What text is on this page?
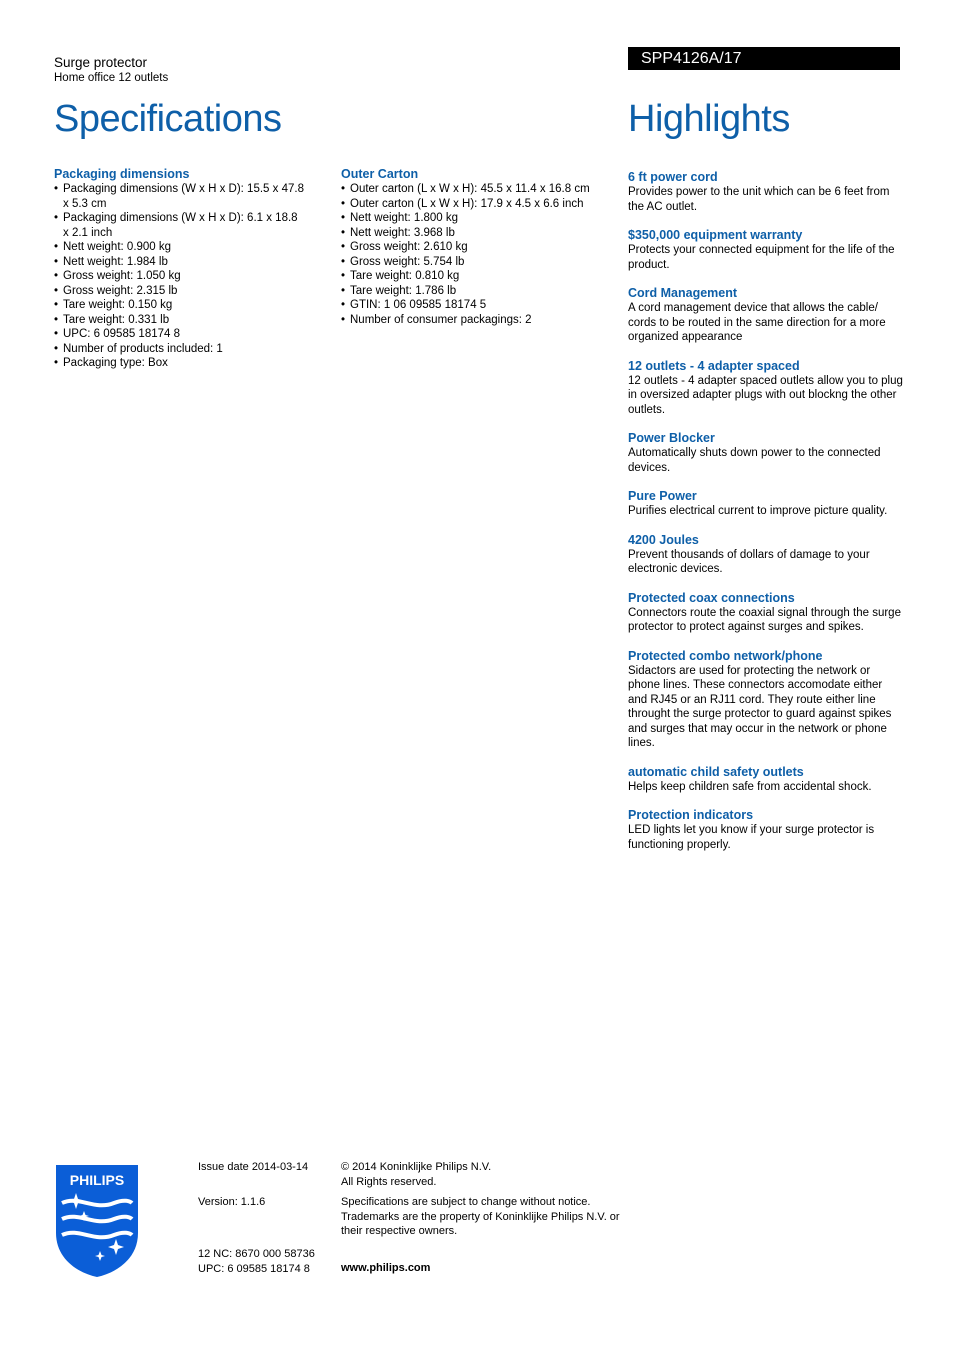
Surge protector
Home office 12 outlets
SPP4126A/17
Specifications	Highlights
Packaging dimensions
• Packaging dimensions (W x H x D): 15.5 x 47.8 x 5.3 cm
• Packaging dimensions (W x H x D): 6.1 x 18.8 x 2.1 inch
• Nett weight: 0.900 kg
• Nett weight: 1.984 lb
• Gross weight: 1.050 kg
• Gross weight: 2.315 lb
• Tare weight: 0.150 kg
• Tare weight: 0.331 lb
• UPC: 6 09585 18174 8
• Number of products included: 1
• Packaging type: Box
Outer Carton
• Outer carton (L x W x H): 45.5 x 11.4 x 16.8 cm
• Outer carton (L x W x H): 17.9 x 4.5 x 6.6 inch
• Nett weight: 1.800 kg
• Nett weight: 3.968 lb
• Gross weight: 2.610 kg
• Gross weight: 5.754 lb
• Tare weight: 0.810 kg
• Tare weight: 1.786 lb
• GTIN: 1 06 09585 18174 5
• Number of consumer packagings: 2
6 ft power cord
Provides power to the unit which can be 6 feet from the AC outlet.
$350,000 equipment warranty
Protects your connected equipment for the life of the product.
Cord Management
A cord management device that allows the cable/ cords to be routed in the same direction for a more organized appearance
12 outlets - 4 adapter spaced
12 outlets - 4 adapter spaced outlets allow you to plug in oversized adapter plugs with out blockng the other outlets.
Power Blocker
Automatically shuts down power to the connected devices.
Pure Power
Purifies electrical current to improve picture quality.
4200 Joules
Prevent thousands of dollars of damage to your electronic devices.
Protected coax connections
Connectors route the coaxial signal through the surge protector to protect against surges and spikes.
Protected combo network/phone
Sidactors are used for protecting the network or phone lines. These connectors accomodate either and RJ45 or an RJ11 cord. They route either line throught the surge protector to guard against spikes and surges that may occur in the network or phone lines.
automatic child safety outlets
Helps keep children safe from accidental shock.
Protection indicators
LED lights let you know if your surge protector is functioning properly.
PHILIPS
Issue date 2014-03-14
Version: 1.1.6
12 NC: 8670 000 58736
UPC: 6 09585 18174 8
© 2014 Koninklijke Philips N.V.
All Rights reserved.
Specifications are subject to change without notice. Trademarks are the property of Koninklijke Philips N.V. or their respective owners.
www.philips.com
